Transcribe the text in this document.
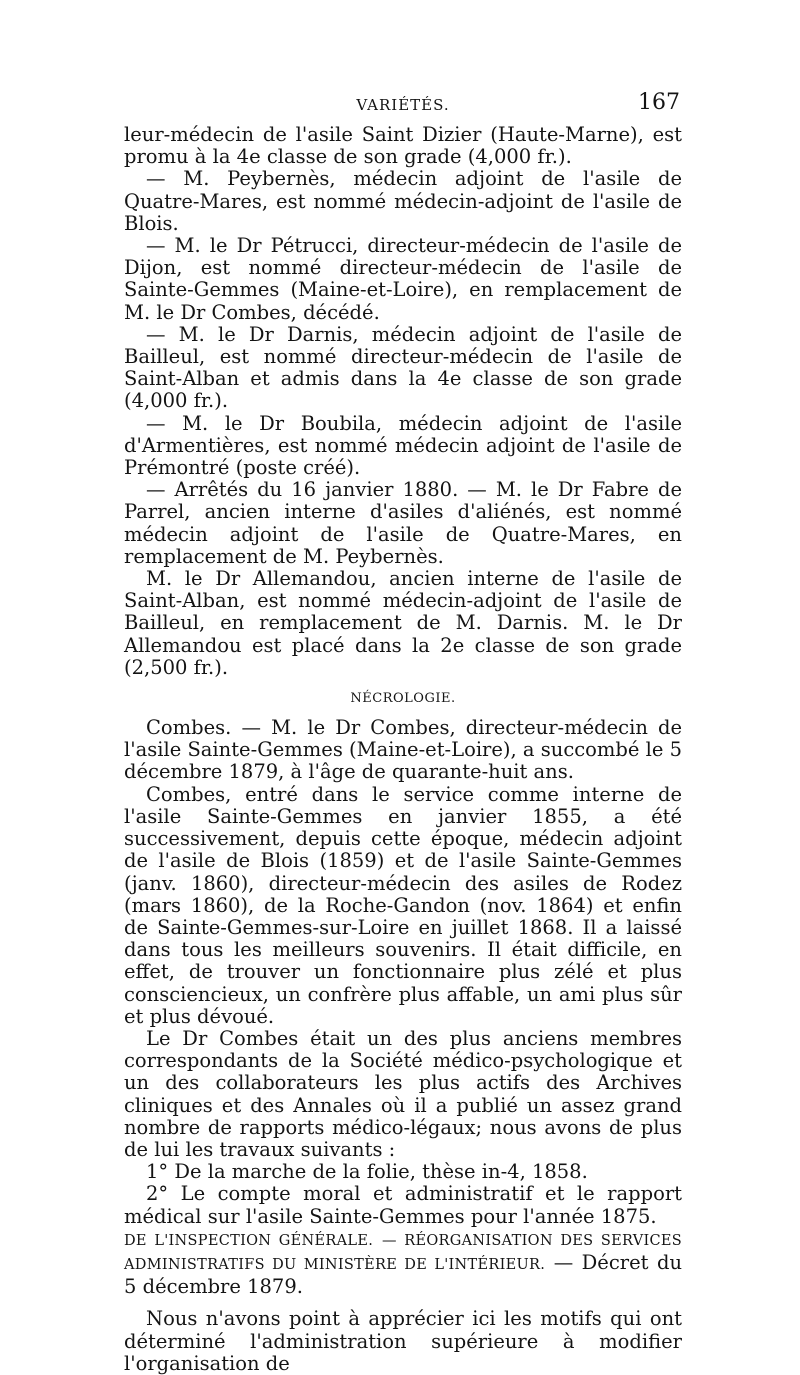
VARIÉTÉS.	167

leur-médecin de l'asile Saint Dizier (Haute-Marne), est promu à la 4e classe de son grade (4,000 fr.).

— M. Peybernès, médecin adjoint de l'asile de Quatre-Mares, est nommé médecin-adjoint de l'asile de Blois.

— M. le Dr Pétrucci, directeur-médecin de l'asile de Dijon, est nommé directeur-médecin de l'asile de Sainte-Gemmes (Maine-et-Loire), en remplacement de M. le Dr Combes, décédé.

— M. le Dr Darnis, médecin adjoint de l'asile de Bailleul, est nommé directeur-médecin de l'asile de Saint-Alban et admis dans la 4e classe de son grade (4,000 fr.).

— M. le Dr Boubila, médecin adjoint de l'asile d'Armentières, est nommé médecin adjoint de l'asile de Prémontré (poste créé).

— Arrêtés du 16 janvier 1880. — M. le Dr Fabre de Parrel, ancien interne d'asiles d'aliénés, est nommé médecin adjoint de l'asile de Quatre-Mares, en remplacement de M. Peybernès.

M. le Dr Allemandou, ancien interne de l'asile de Saint-Alban, est nommé médecin-adjoint de l'asile de Bailleul, en remplacement de M. Darnis. M. le Dr Allemandou est placé dans la 2e classe de son grade (2,500 fr.).

NÉCROLOGIE.

Combes. — M. le Dr Combes, directeur-médecin de l'asile Sainte-Gemmes (Maine-et-Loire), a succombé le 5 décembre 1879, à l'âge de quarante-huit ans.

Combes, entré dans le service comme interne de l'asile Sainte-Gemmes en janvier 1855, a été successivement, depuis cette époque, médecin adjoint de l'asile de Blois (1859) et de l'asile Sainte-Gemmes (janv. 1860), directeur-médecin des asiles de Rodez (mars 1860), de la Roche-Gandon (nov. 1864) et enfin de Sainte-Gemmes-sur-Loire en juillet 1868. Il a laissé dans tous les meilleurs souvenirs. Il était difficile, en effet, de trouver un fonctionnaire plus zélé et plus consciencieux, un confrère plus affable, un ami plus sûr et plus dévoué.

Le Dr Combes était un des plus anciens membres correspondants de la Société médico-psychologique et un des collaborateurs les plus actifs des Archives cliniques et des Annales où il a publié un assez grand nombre de rapports médico-légaux; nous avons de plus de lui les travaux suivants :

1° De la marche de la folie, thèse in-4, 1858.

2° Le compte moral et administratif et le rapport médical sur l'asile Sainte-Gemmes pour l'année 1875.

DE L'INSPECTION GÉNÉRALE. — RÉORGANISATION DES SERVICES ADMINISTRATIFS DU MINISTÈRE DE L'INTÉRIEUR. — Décret du 5 décembre 1879.

Nous n'avons point à apprécier ici les motifs qui ont déterminé l'administration supérieure à modifier l'organisation de
